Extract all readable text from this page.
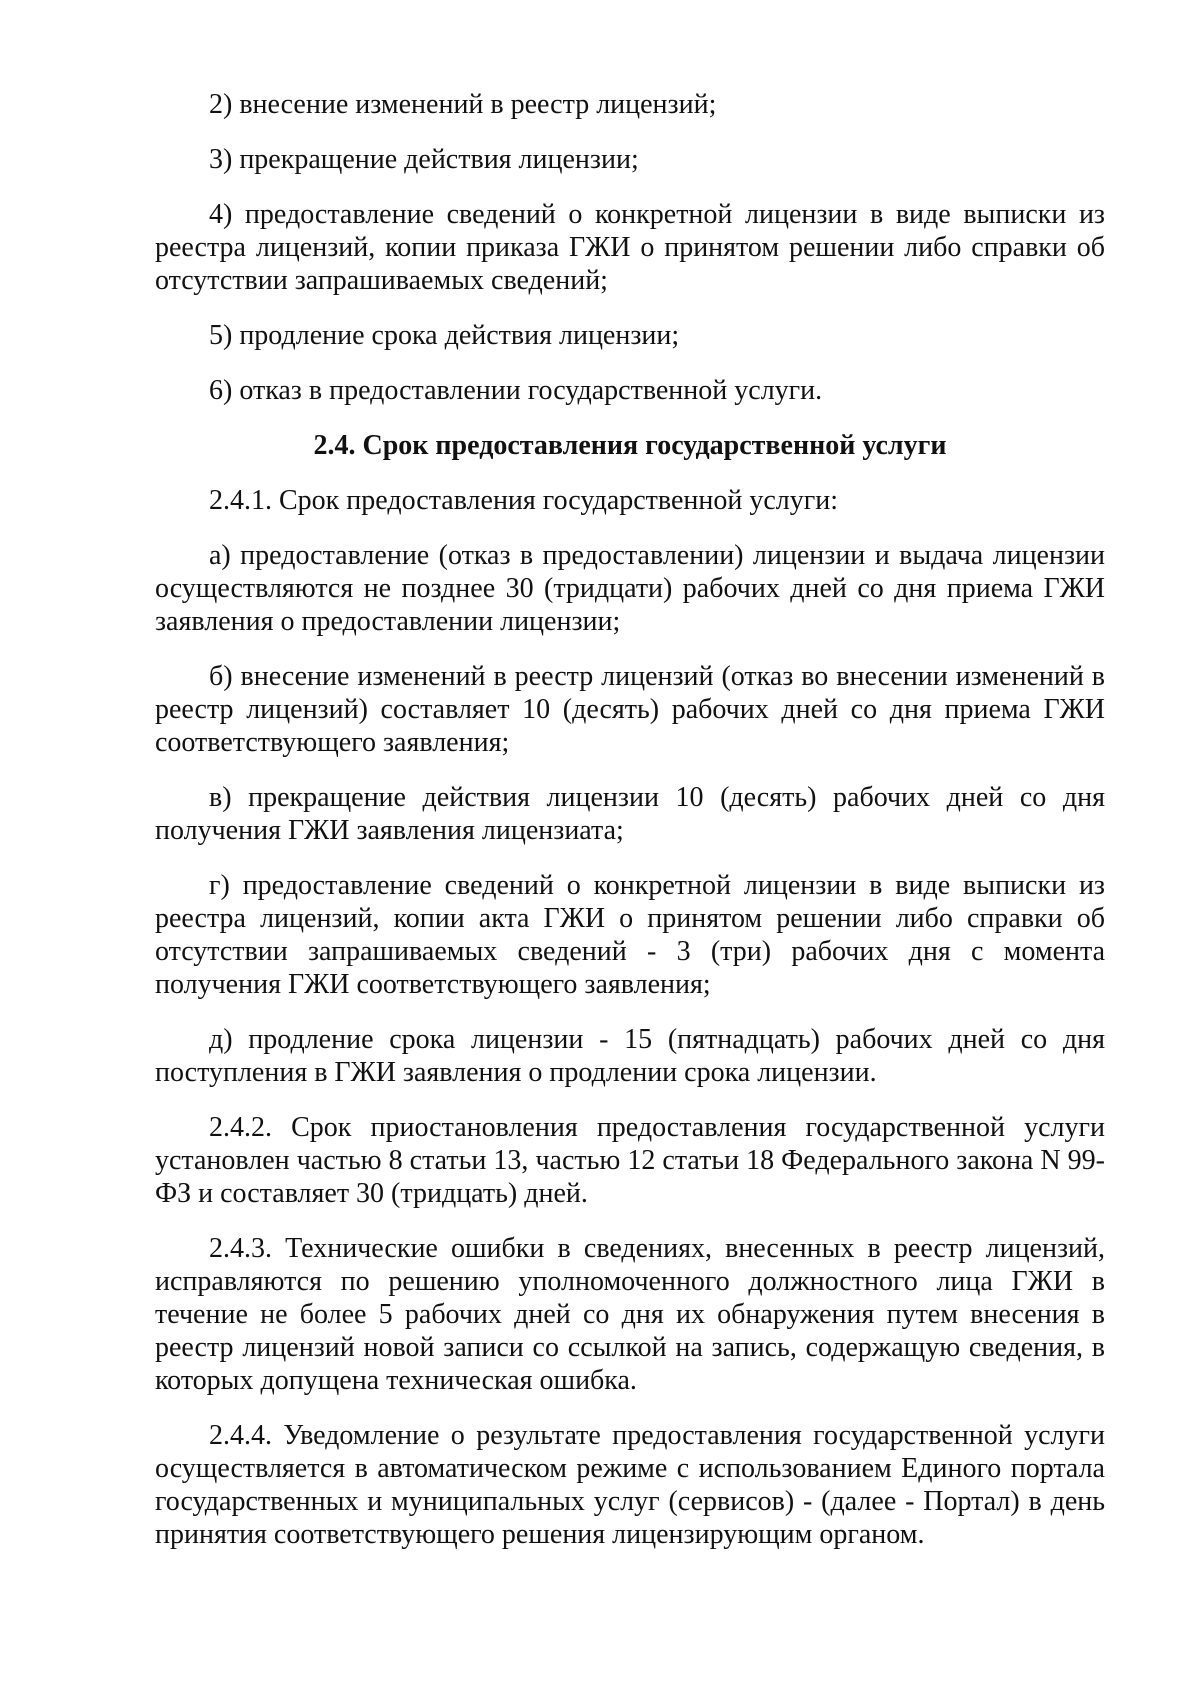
2) внесение изменений в реестр лицензий;

3) прекращение действия лицензии;

4) предоставление сведений о конкретной лицензии в виде выписки из реестра лицензий, копии приказа ГЖИ о принятом решении либо справки об отсутствии запрашиваемых сведений;

5) продление срока действия лицензии;

6) отказ в предоставлении государственной услуги.

2.4. Срок предоставления государственной услуги

2.4.1. Срок предоставления государственной услуги:

а) предоставление (отказ в предоставлении) лицензии и выдача лицензии осуществляются не позднее 30 (тридцати) рабочих дней со дня приема ГЖИ заявления о предоставлении лицензии;

б) внесение изменений в реестр лицензий (отказ во внесении изменений в реестр лицензий) составляет 10 (десять) рабочих дней со дня приема ГЖИ соответствующего заявления;

в) прекращение действия лицензии 10 (десять) рабочих дней со дня получения ГЖИ заявления лицензиата;

г) предоставление сведений о конкретной лицензии в виде выписки из реестра лицензий, копии акта ГЖИ о принятом решении либо справки об отсутствии запрашиваемых сведений - 3 (три) рабочих дня с момента получения ГЖИ соответствующего заявления;

д) продление срока лицензии - 15 (пятнадцать) рабочих дней со дня поступления в ГЖИ заявления о продлении срока лицензии.

2.4.2. Срок приостановления предоставления государственной услуги установлен частью 8 статьи 13, частью 12 статьи 18 Федерального закона N 99-ФЗ и составляет 30 (тридцать) дней.

2.4.3. Технические ошибки в сведениях, внесенных в реестр лицензий, исправляются по решению уполномоченного должностного лица ГЖИ в течение не более 5 рабочих дней со дня их обнаружения путем внесения в реестр лицензий новой записи со ссылкой на запись, содержащую сведения, в которых допущена техническая ошибка.

2.4.4. Уведомление о результате предоставления государственной услуги осуществляется в автоматическом режиме с использованием Единого портала государственных и муниципальных услуг (сервисов) - (далее - Портал) в день принятия соответствующего решения лицензирующим органом.
